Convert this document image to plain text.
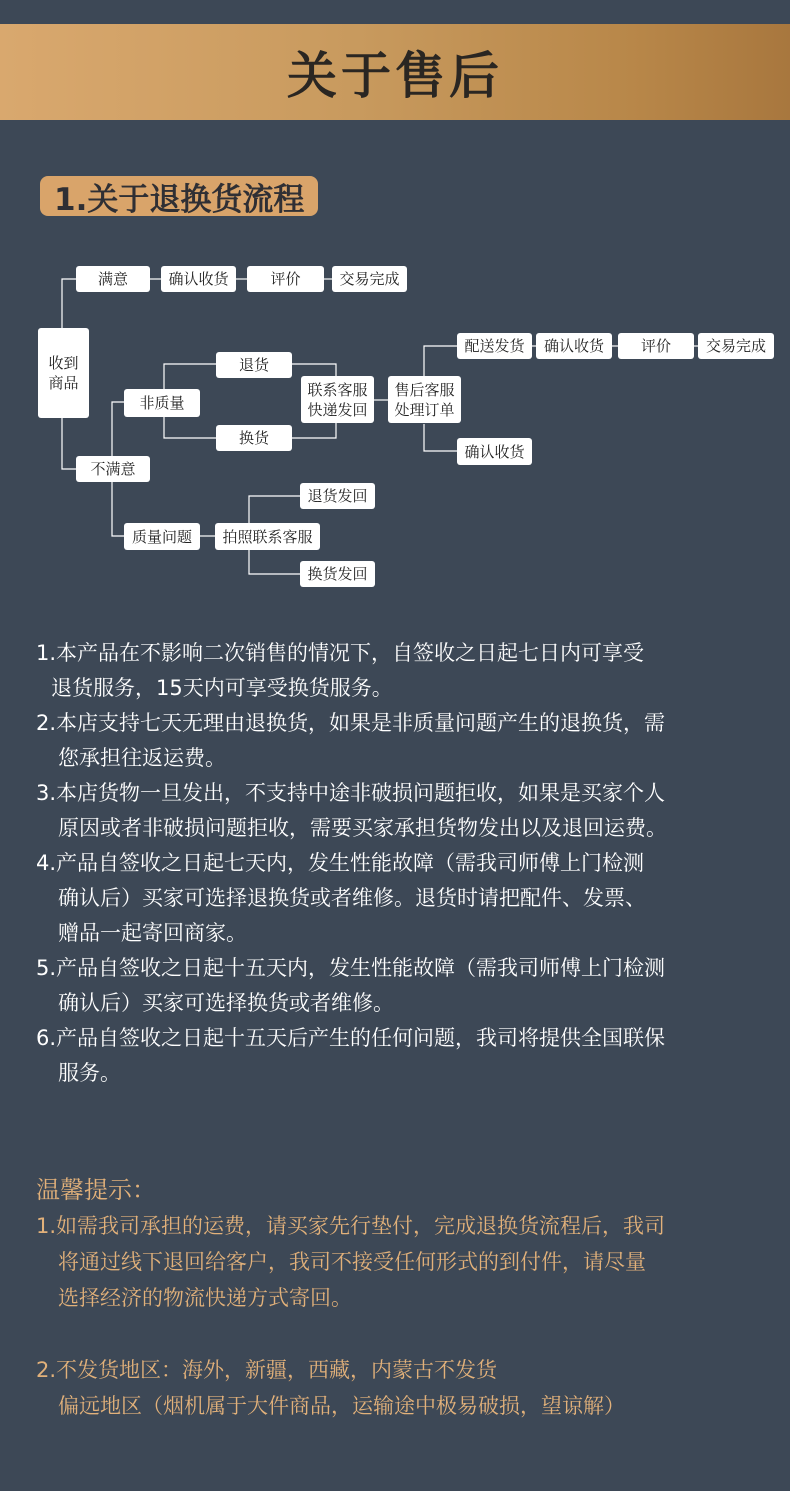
关于售后
1.关于退换货流程
收到
商品
满意	确认收货	评价	交易完成
不满意
非质量
退货
换货
联系客服
快递发回
售后客服
处理订单
配送发货	确认收货	评价	交易完成
确认收货
质量问题	拍照联系客服
退货发回
换货发回
1.本产品在不影响二次销售的情况下，自签收之日起七日内可享受
退货服务，15天内可享受换货服务。
2.本店支持七天无理由退换货，如果是非质量问题产生的退换货，需
您承担往返运费。
3.本店货物一旦发出，不支持中途非破损问题拒收，如果是买家个人
原因或者非破损问题拒收，需要买家承担货物发出以及退回运费。
4.产品自签收之日起七天内，发生性能故障（需我司师傅上门检测
确认后）买家可选择退换货或者维修。退货时请把配件、发票、
赠品一起寄回商家。
5.产品自签收之日起十五天内，发生性能故障（需我司师傅上门检测
确认后）买家可选择换货或者维修。
6.产品自签收之日起十五天后产生的任何问题，我司将提供全国联保
服务。
温馨提示：
1.如需我司承担的运费，请买家先行垫付，完成退换货流程后，我司
将通过线下退回给客户，我司不接受任何形式的到付件，请尽量
选择经济的物流快递方式寄回。
2.不发货地区：海外，新疆，西藏，内蒙古不发货
偏远地区（烟机属于大件商品，运输途中极易破损，望谅解）
